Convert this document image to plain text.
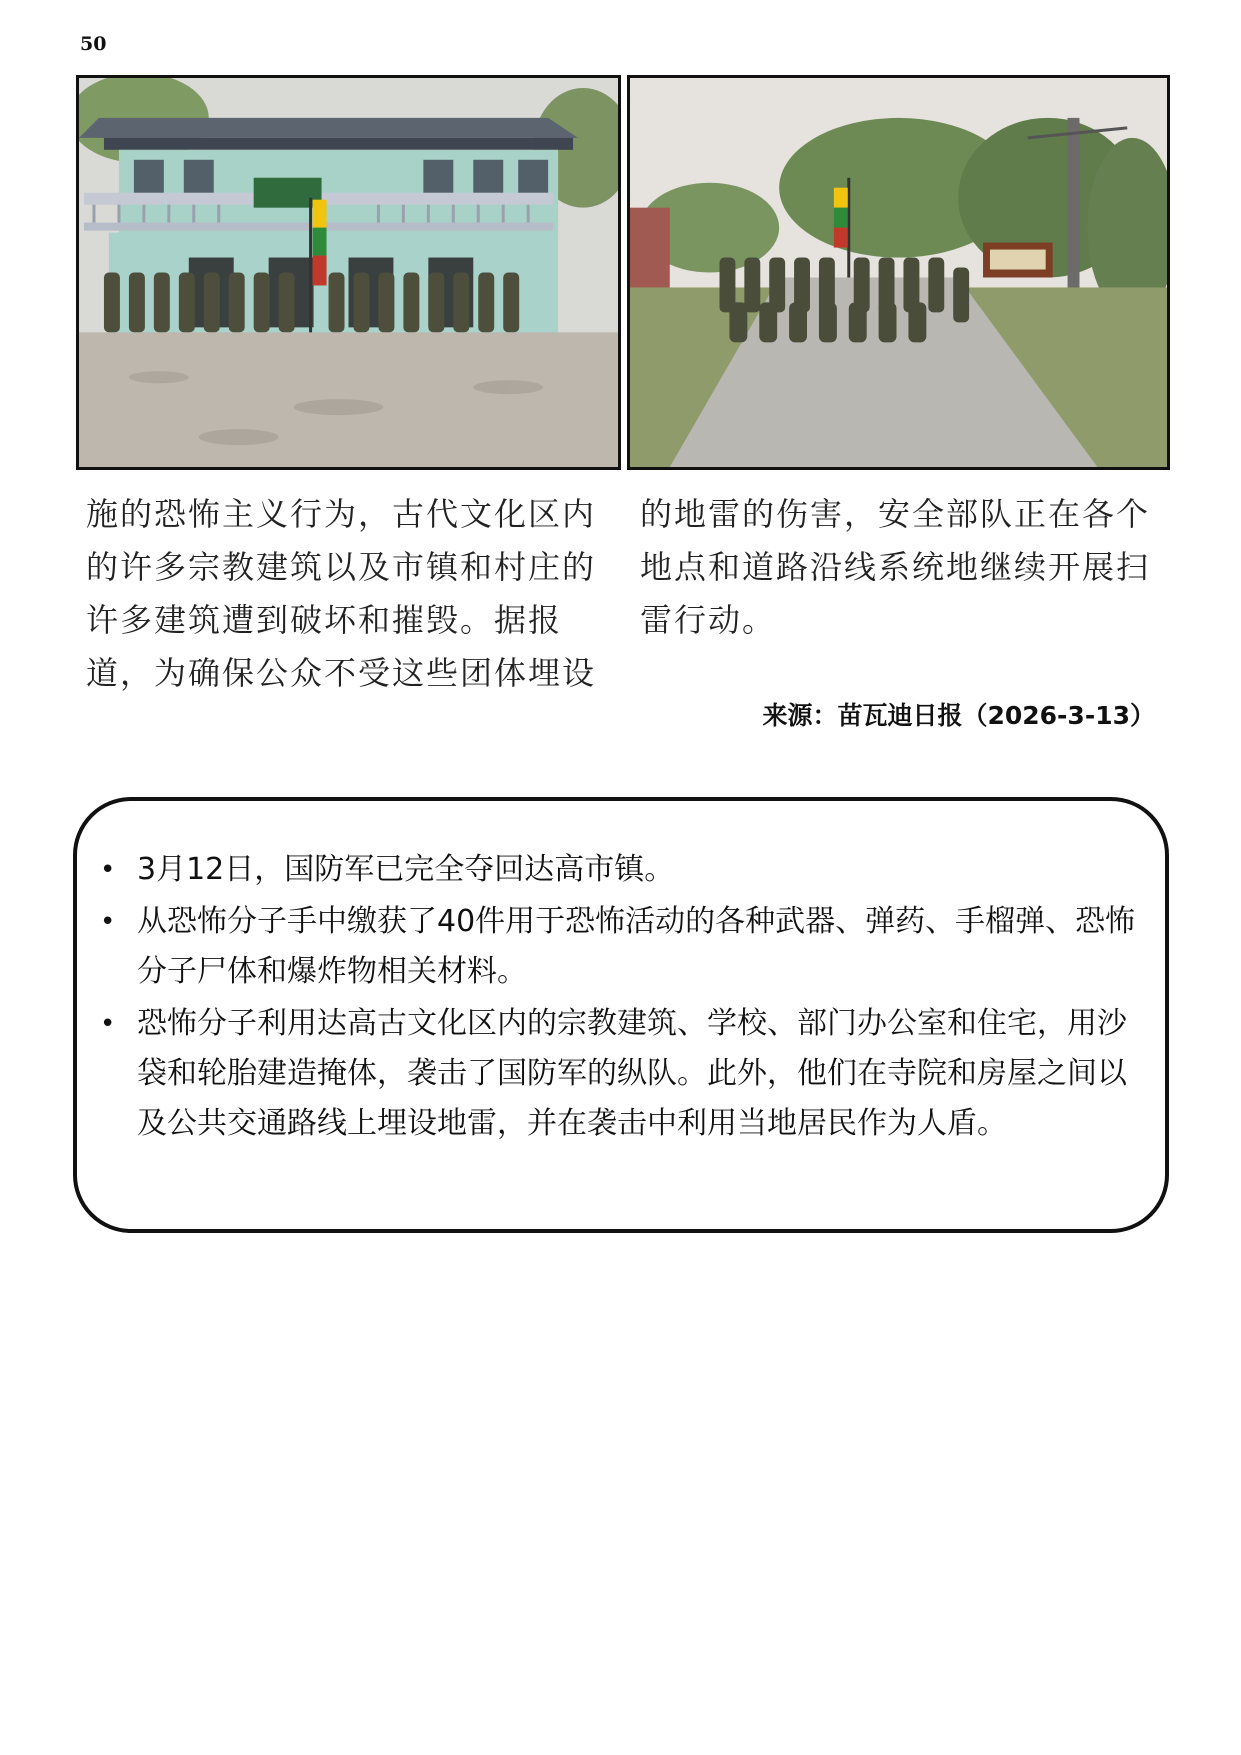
50

施的恐怖主义行为，古代文化区内的许多宗教建筑以及市镇和村庄的许多建筑遭到破坏和摧毁。据报道，为确保公众不受这些团体埋设

的地雷的伤害，安全部队正在各个地点和道路沿线系统地继续开展扫雷行动。

来源：苗瓦迪日报（2026-3-13）
• 3月12日，国防军已完全夺回达高市镇。
• 从恐怖分子手中缴获了40件用于恐怖活动的各种武器、弹药、手榴弹、恐怖分子尸体和爆炸物相关材料。
• 恐怖分子利用达高古文化区内的宗教建筑、学校、部门办公室和住宅，用沙袋和轮胎建造掩体，袭击了国防军的纵队。此外，他们在寺院和房屋之间以及公共交通路线上埋设地雷，并在袭击中利用当地居民作为人盾。
